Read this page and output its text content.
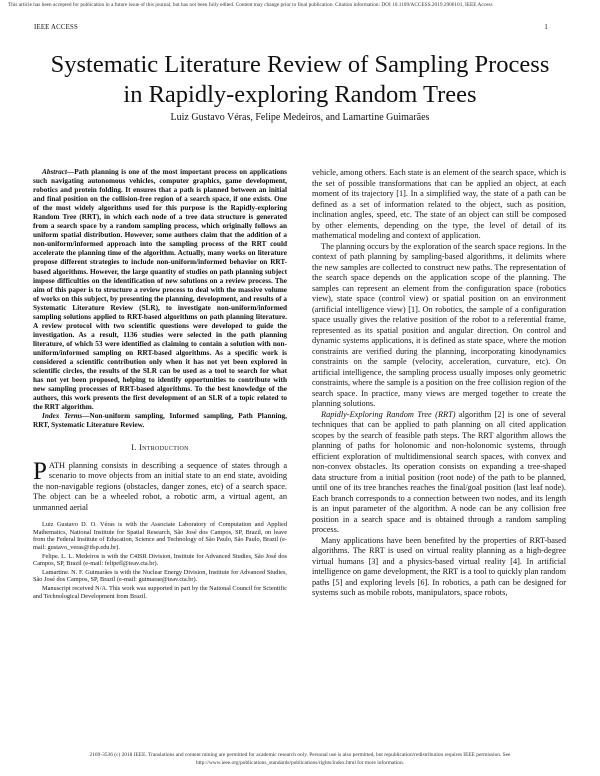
This article has been accepted for publication in a future issue of this journal, but has not been fully edited. Content may change prior to final publication. Citation information: DOI 10.1109/ACCESS.2019.2906101, IEEE Access
IEEE ACCESS	1
Systematic Literature Review of Sampling Process in Rapidly-exploring Random Trees
Luiz Gustavo Véras, Felipe Medeiros, and Lamartine Guimarães

Abstract—Path planning is one of the most important process on applications such navigating autonomous vehicles, computer graphics, game development, robotics and protein folding. It ensures that a path is planned between an initial and final position on the collision-free region of a search space, if one exists. One of the most widely algorithms used for this purpose is the Rapidly-exploring Random Tree (RRT), in which each node of a tree data structure is generated from a search space by a random sampling process, which originally follows an uniform spatial distribution. However, some authors claim that the addition of a non-uniform/informed approach into the sampling process of the RRT could accelerate the planning time of the algorithm. Actually, many works on literature propose different strategies to include non-uniform/informed behavior on RRT-based algorithms. However, the large quantity of studies on path planning subject impose difficulties on the identification of new solutions on a review process. The aim of this paper is to structure a review process to deal with the massive volume of works on this subject, by presenting the planning, development, and results of a Systematic Literature Review (SLR), to investigate non-uniform/informed sampling solutions applied to RRT-based algorithms on path planning literature. A review protocol with two scientific questions were developed to guide the investigation. As a result, 1136 studies were selected in the path planning literature, of which 53 were identified as claiming to contain a solution with non-uniform/informed sampling on RRT-based algorithms. As a specific work is considered a scientific contribution only when it has not yet been explored in scientific circles, the results of the SLR can be used as a tool to search for what has not yet been proposed, helping to identify opportunities to contribute with new sampling processes of RRT-based algorithms. To the best knowledge of the authors, this work presents the first development of an SLR of a topic related to the RRT algorithm.

Index Terms—Non-uniform sampling, Informed sampling, Path Planning, RRT, Systematic Literature Review.

I. Introduction

PATH planning consists in describing a sequence of states through a scenario to move objects from an initial state to an end state, avoiding the non-navigable regions (obstacles, danger zones, etc) of a search space. The object can be a wheeled robot, a robotic arm, a virtual agent, an unmanned aerial

Luiz Gustavo D. O. Véras is with the Associate Laboratory of Computation and Applied Mathematics, National Institute for Spatial Research, São José dos Campos, SP, Brazil, on leave from the Federal Institute of Education, Science and Technology of São Paulo, São Paulo, Brazil (e-mail: gustavo_veras@ifsp.edu.br).

Felipe. L. L. Medeiros is with the C4ISR Division, Institute for Advanced Studies, São José dos Campos, SP, Brazil (e-mail: felipefl@ieav.cta.br).

Lamartine. N. F. Guimarães is with the Nuclear Energy Division, Institute for Advanced Studies, São José dos Campos, SP, Brazil (e-mail: guimarae@ieav.cta.br).

Manuscript received N/A. This work was supported in part by the National Council for Scientific and Technological Development from Brazil.

vehicle, among others. Each state is an element of the search space, which is the set of possible transformations that can be applied an object, at each moment of its trajectory [1]. In a simplified way, the state of a path can be defined as a set of information related to the object, such as position, inclination angles, speed, etc. The state of an object can still be composed by other elements, depending on the type, the level of detail of its mathematical modeling and context of application.

The planning occurs by the exploration of the search space regions. In the context of path planning by sampling-based algorithms, it delimits where the new samples are collected to construct new paths. The representation of the search space depends on the application scope of the planning. The samples can represent an element from the configuration space (robotics view), state space (control view) or spatial position on an environment (artificial intelligence view) [1]. On robotics, the sample of a configuration space usually gives the relative position of the robot to a referential frame, represented as its spatial position and angular direction. On control and dynamic systems applications, it is defined as state space, where the motion constraints are verified during the planning, incorporating kinodynamics constraints on the sample (velocity, acceleration, curvature, etc). On artificial intelligence, the sampling process usually imposes only geometric constraints, where the sample is a position on the free collision region of the search space. In practice, many views are merged together to create the planning solutions.

Rapidly-Exploring Random Tree (RRT) algorithm [2] is one of several techniques that can be applied to path planning on all cited application scopes by the search of feasible path steps. The RRT algorithm allows the planning of paths for holonomic and non-holonomic systems, through efficient exploration of multidimensional search spaces, with convex and non-convex obstacles. Its operation consists on expanding a tree-shaped data structure from a initial position (root node) of the path to be planned, until one of its tree branches reaches the final/goal position (last leaf node). Each branch corresponds to a connection between two nodes, and its length is an input parameter of the algorithm. A node can be any collision free position in a search space and is obtained through a random sampling process.

Many applications have been benefited by the properties of RRT-based algorithms. The RRT is used on virtual reality planning as a high-degree virtual humans [3] and a physics-based virtual reality [4]. In artificial intelligence on game development, the RRT is a tool to quickly plan random paths [5] and exploring levels [6]. In robotics, a path can be designed for systems such as mobile robots, manipulators, space robots,

2169-3536 (c) 2018 IEEE. Translations and content mining are permitted for academic research only. Personal use is also permitted, but republication/redistribution requires IEEE permission. See
http://www.ieee.org/publications_standards/publications/rights/index.html for more information.
